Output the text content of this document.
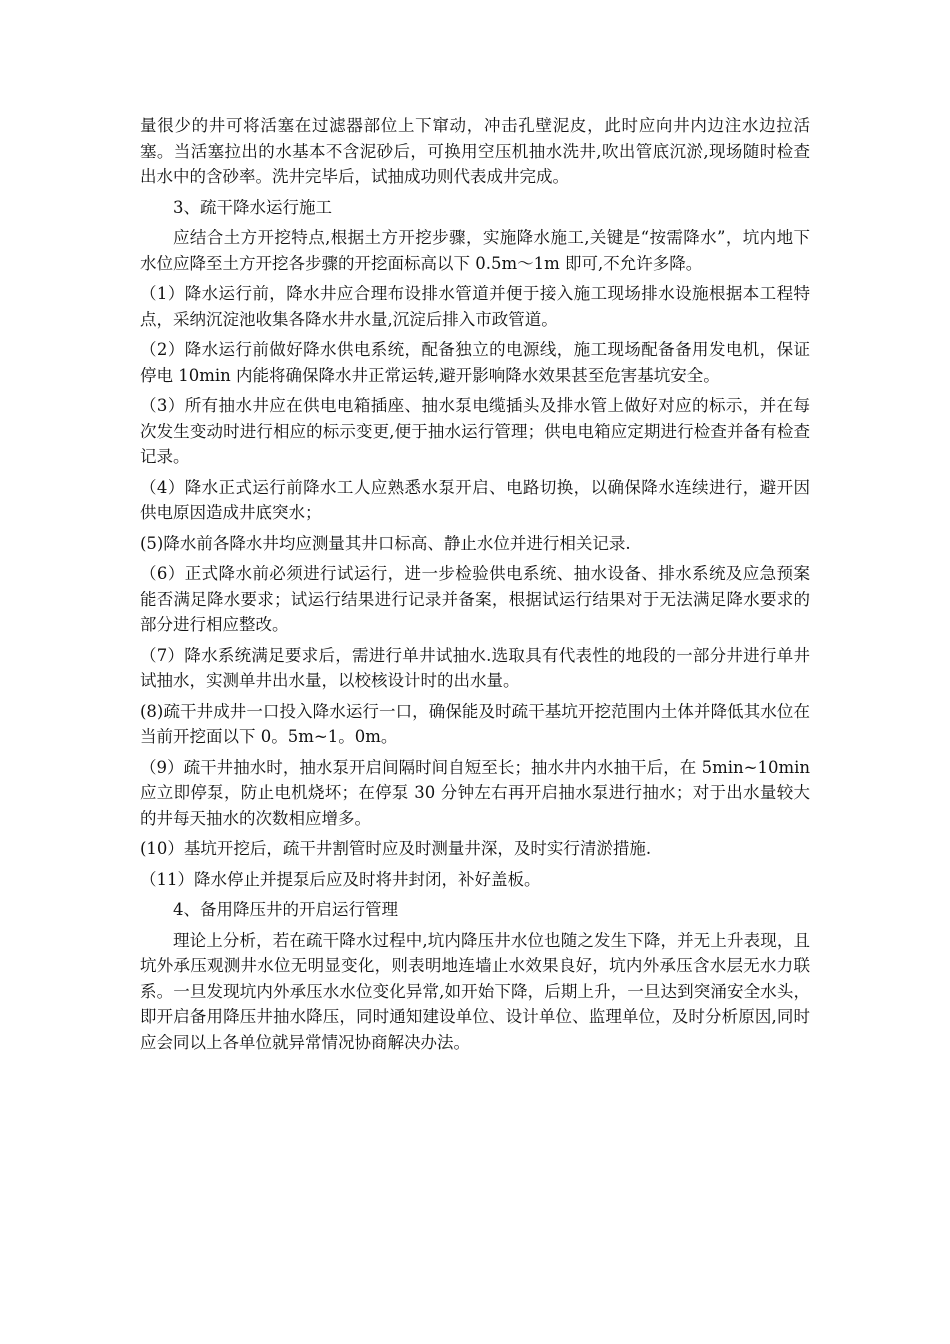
量很少的井可将活塞在过滤器部位上下窜动，冲击孔壁泥皮，此时应向井内边注水边拉活塞。当活塞拉出的水基本不含泥砂后，可换用空压机抽水洗井,吹出管底沉淤,现场随时检查出水中的含砂率。洗井完毕后，试抽成功则代表成井完成。

3、疏干降水运行施工

应结合土方开挖特点,根据土方开挖步骤，实施降水施工,关键是“按需降水”，坑内地下水位应降至土方开挖各步骤的开挖面标高以下 0.5m～1m 即可,不允许多降。

（1）降水运行前，降水井应合理布设排水管道并便于接入施工现场排水设施根据本工程特点，采纳沉淀池收集各降水井水量,沉淀后排入市政管道。

（2）降水运行前做好降水供电系统，配备独立的电源线，施工现场配备备用发电机，保证停电 10min 内能将确保降水井正常运转,避开影响降水效果甚至危害基坑安全。

（3）所有抽水井应在供电电箱插座、抽水泵电缆插头及排水管上做好对应的标示，并在每次发生变动时进行相应的标示变更,便于抽水运行管理；供电电箱应定期进行检查并备有检查记录。

（4）降水正式运行前降水工人应熟悉水泵开启、电路切换，以确保降水连续进行，避开因供电原因造成井底突水；

(5)降水前各降水井均应测量其井口标高、静止水位并进行相关记录.

（6）正式降水前必须进行试运行，进一步检验供电系统、抽水设备、排水系统及应急预案能否满足降水要求；试运行结果进行记录并备案，根据试运行结果对于无法满足降水要求的部分进行相应整改。

（7）降水系统满足要求后，需进行单井试抽水.选取具有代表性的地段的一部分井进行单井试抽水，实测单井出水量，以校核设计时的出水量。

(8)疏干井成井一口投入降水运行一口，确保能及时疏干基坑开挖范围内土体并降低其水位在当前开挖面以下 0。5m~1。0m。

（9）疏干井抽水时，抽水泵开启间隔时间自短至长；抽水井内水抽干后，在 5min~10min 应立即停泵，防止电机烧坏；在停泵 30 分钟左右再开启抽水泵进行抽水；对于出水量较大的井每天抽水的次数相应增多。

(10）基坑开挖后，疏干井割管时应及时测量井深，及时实行清淤措施.

（11）降水停止并提泵后应及时将井封闭，补好盖板。

4、备用降压井的开启运行管理

理论上分析，若在疏干降水过程中,坑内降压井水位也随之发生下降，并无上升表现，且坑外承压观测井水位无明显变化，则表明地连墙止水效果良好，坑内外承压含水层无水力联系。一旦发现坑内外承压水水位变化异常,如开始下降，后期上升，一旦达到突涌安全水头，即开启备用降压井抽水降压，同时通知建设单位、设计单位、监理单位，及时分析原因,同时应会同以上各单位就异常情况协商解决办法。
